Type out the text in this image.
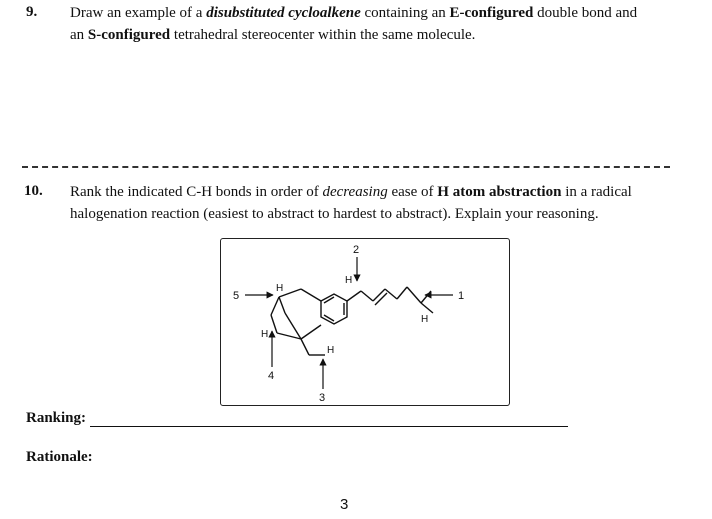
9. Draw an example of a disubstituted cycloalkene containing an E-configured double bond and
an S-configured tetrahedral stereocenter within the same molecule.
10. Rank the indicated C-H bonds in order of decreasing ease of H atom abstraction in a radical
halogenation reaction (easiest to abstract to hardest to abstract). Explain your reasoning.
H
H
H
H
H
5
2
1
4
3
Ranking:
Rationale:
3
